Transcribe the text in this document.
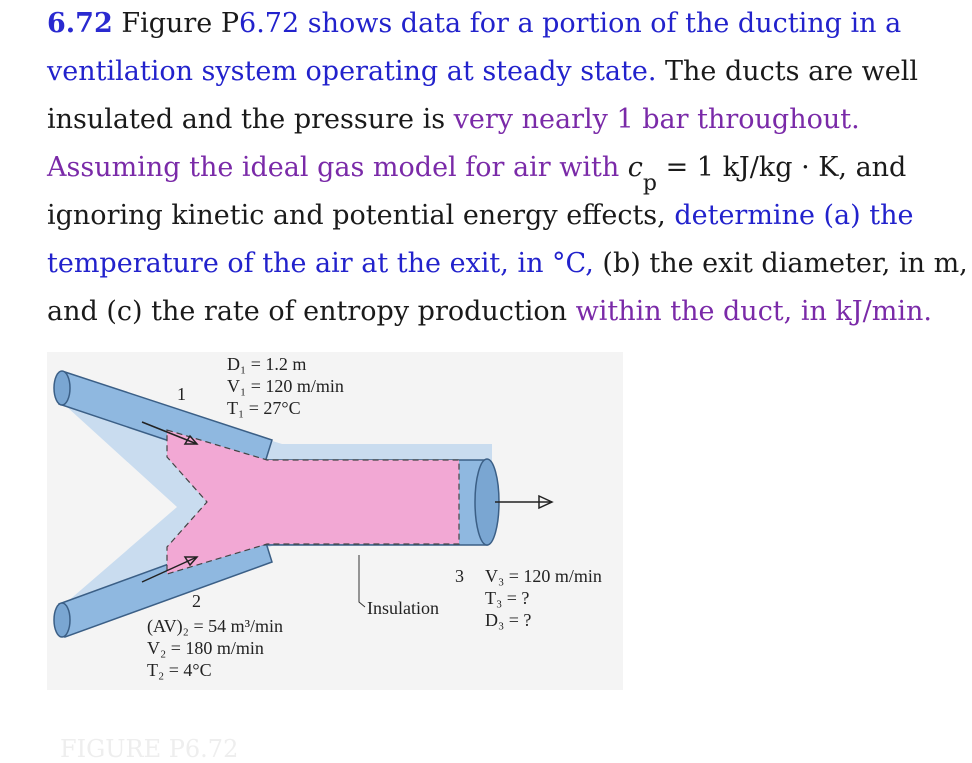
6.72 Figure P6.72 shows data for a portion of the ducting in a
ventilation system operating at steady state. The ducts are well
insulated and the pressure is very nearly 1 bar throughout.
Assuming the ideal gas model for air with $c_p = 1$ kJ/kg · K, and
ignoring kinetic and potential energy effects, determine (a) the
temperature of the air at the exit, in °C, (b) the exit diameter, in m,
and (c) the rate of entropy production within the duct, in kJ/min.
D₁ = 1.2 m
V₁ = 120 m/min
T₁ = 27°C
1
2
(AV)₂ = 54 m³/min
V₂ = 180 m/min
T₂ = 4°C
Insulation
3 V₃ = 120 m/min
T₃ = ?
D₃ = ?
FIGURE P6.72
